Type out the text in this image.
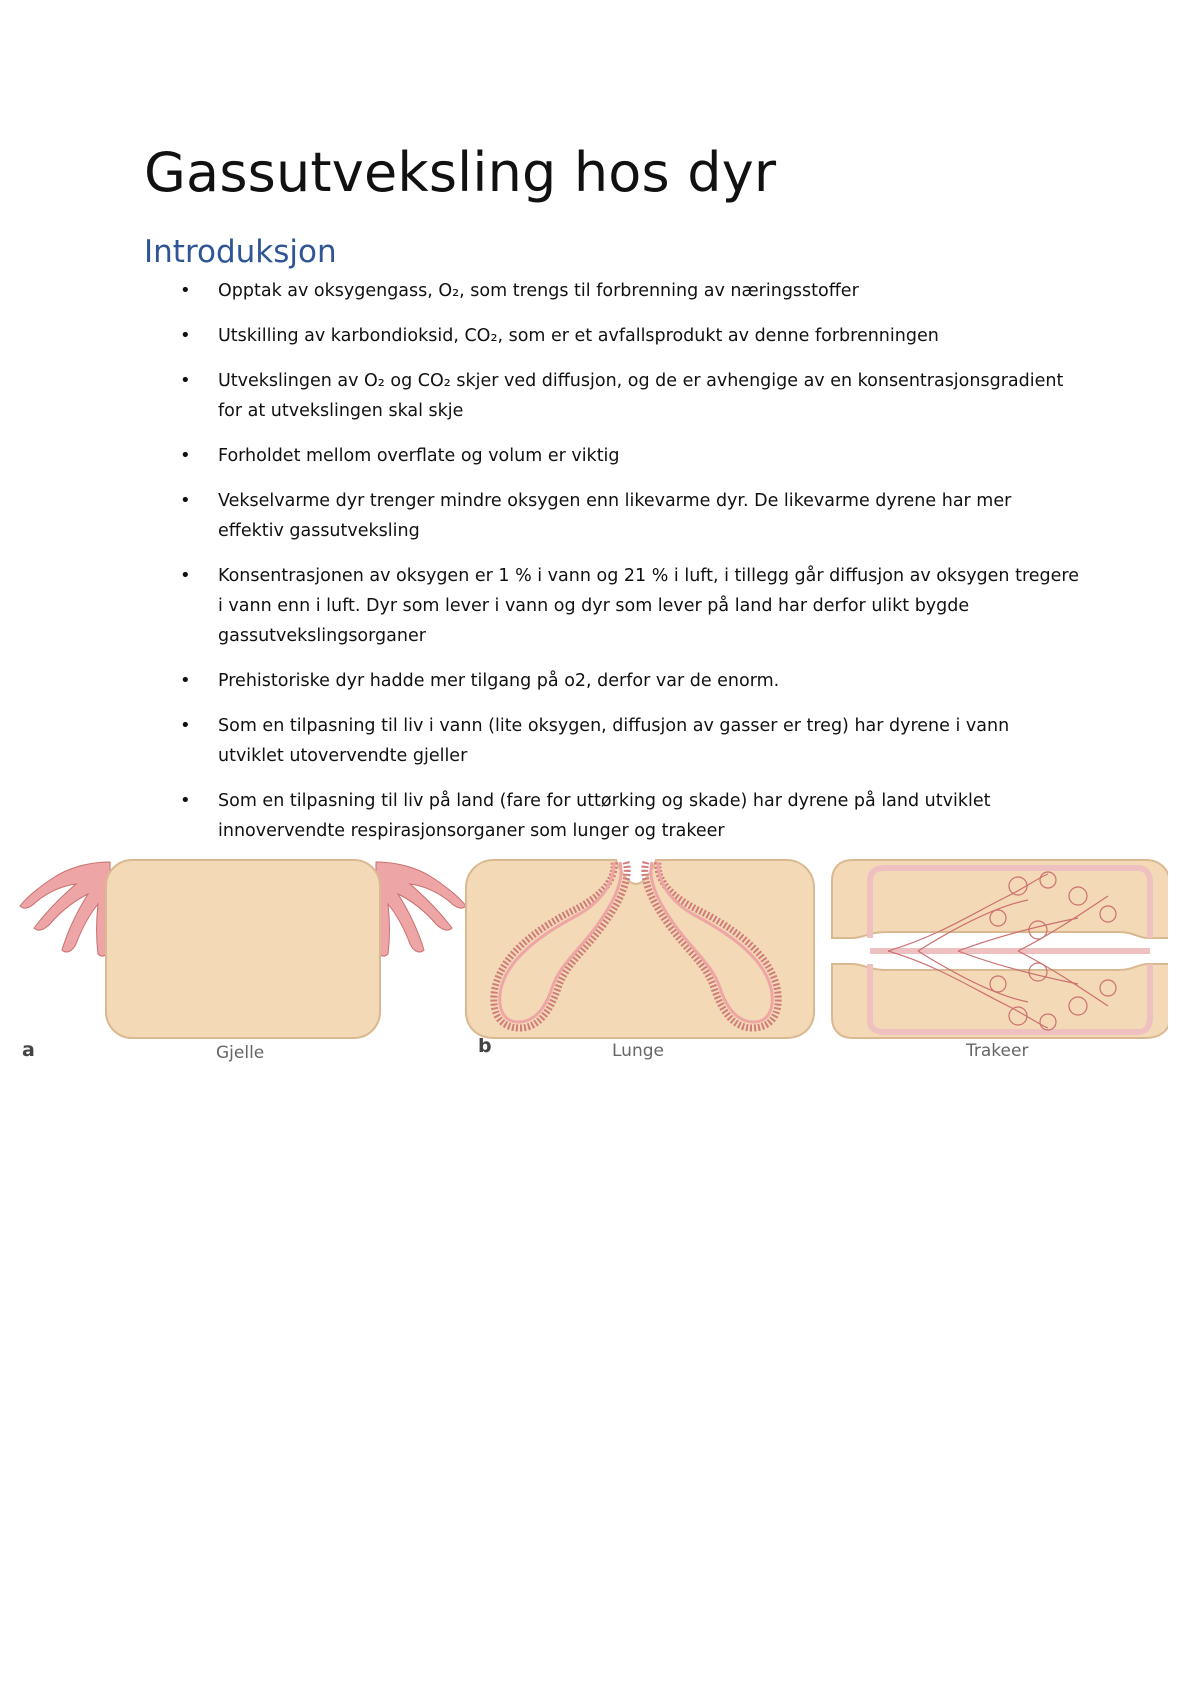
Gassutveksling hos dyr
Introduksjon
• Opptak av oksygengass, O₂, som trengs til forbrenning av næringsstoffer
• Utskilling av karbondioksid, CO₂, som er et avfallsprodukt av denne forbrenningen
• Utvekslingen av O₂ og CO₂ skjer ved diffusjon, og de er avhengige av en konsentrasjonsgradient for at utvekslingen skal skje
• Forholdet mellom overflate og volum er viktig
• Vekselvarme dyr trenger mindre oksygen enn likevarme dyr. De likevarme dyrene har mer effektiv gassutveksling
• Konsentrasjonen av oksygen er 1 % i vann og 21 % i luft, i tillegg går diffusjon av oksygen tregere i vann enn i luft. Dyr som lever i vann og dyr som lever på land har derfor ulikt bygde gassutvekslingsorganer
• Prehistoriske dyr hadde mer tilgang på o2, derfor var de enorm.
• Som en tilpasning til liv i vann (lite oksygen, diffusjon av gasser er treg) har dyrene i vann utviklet utovervendte gjeller
• Som en tilpasning til liv på land (fare for uttørking og skade) har dyrene på land utviklet innovervendte respirasjonsorganer som lunger og trakeer
a	Gjelle	b	Lunge	Trakeer
